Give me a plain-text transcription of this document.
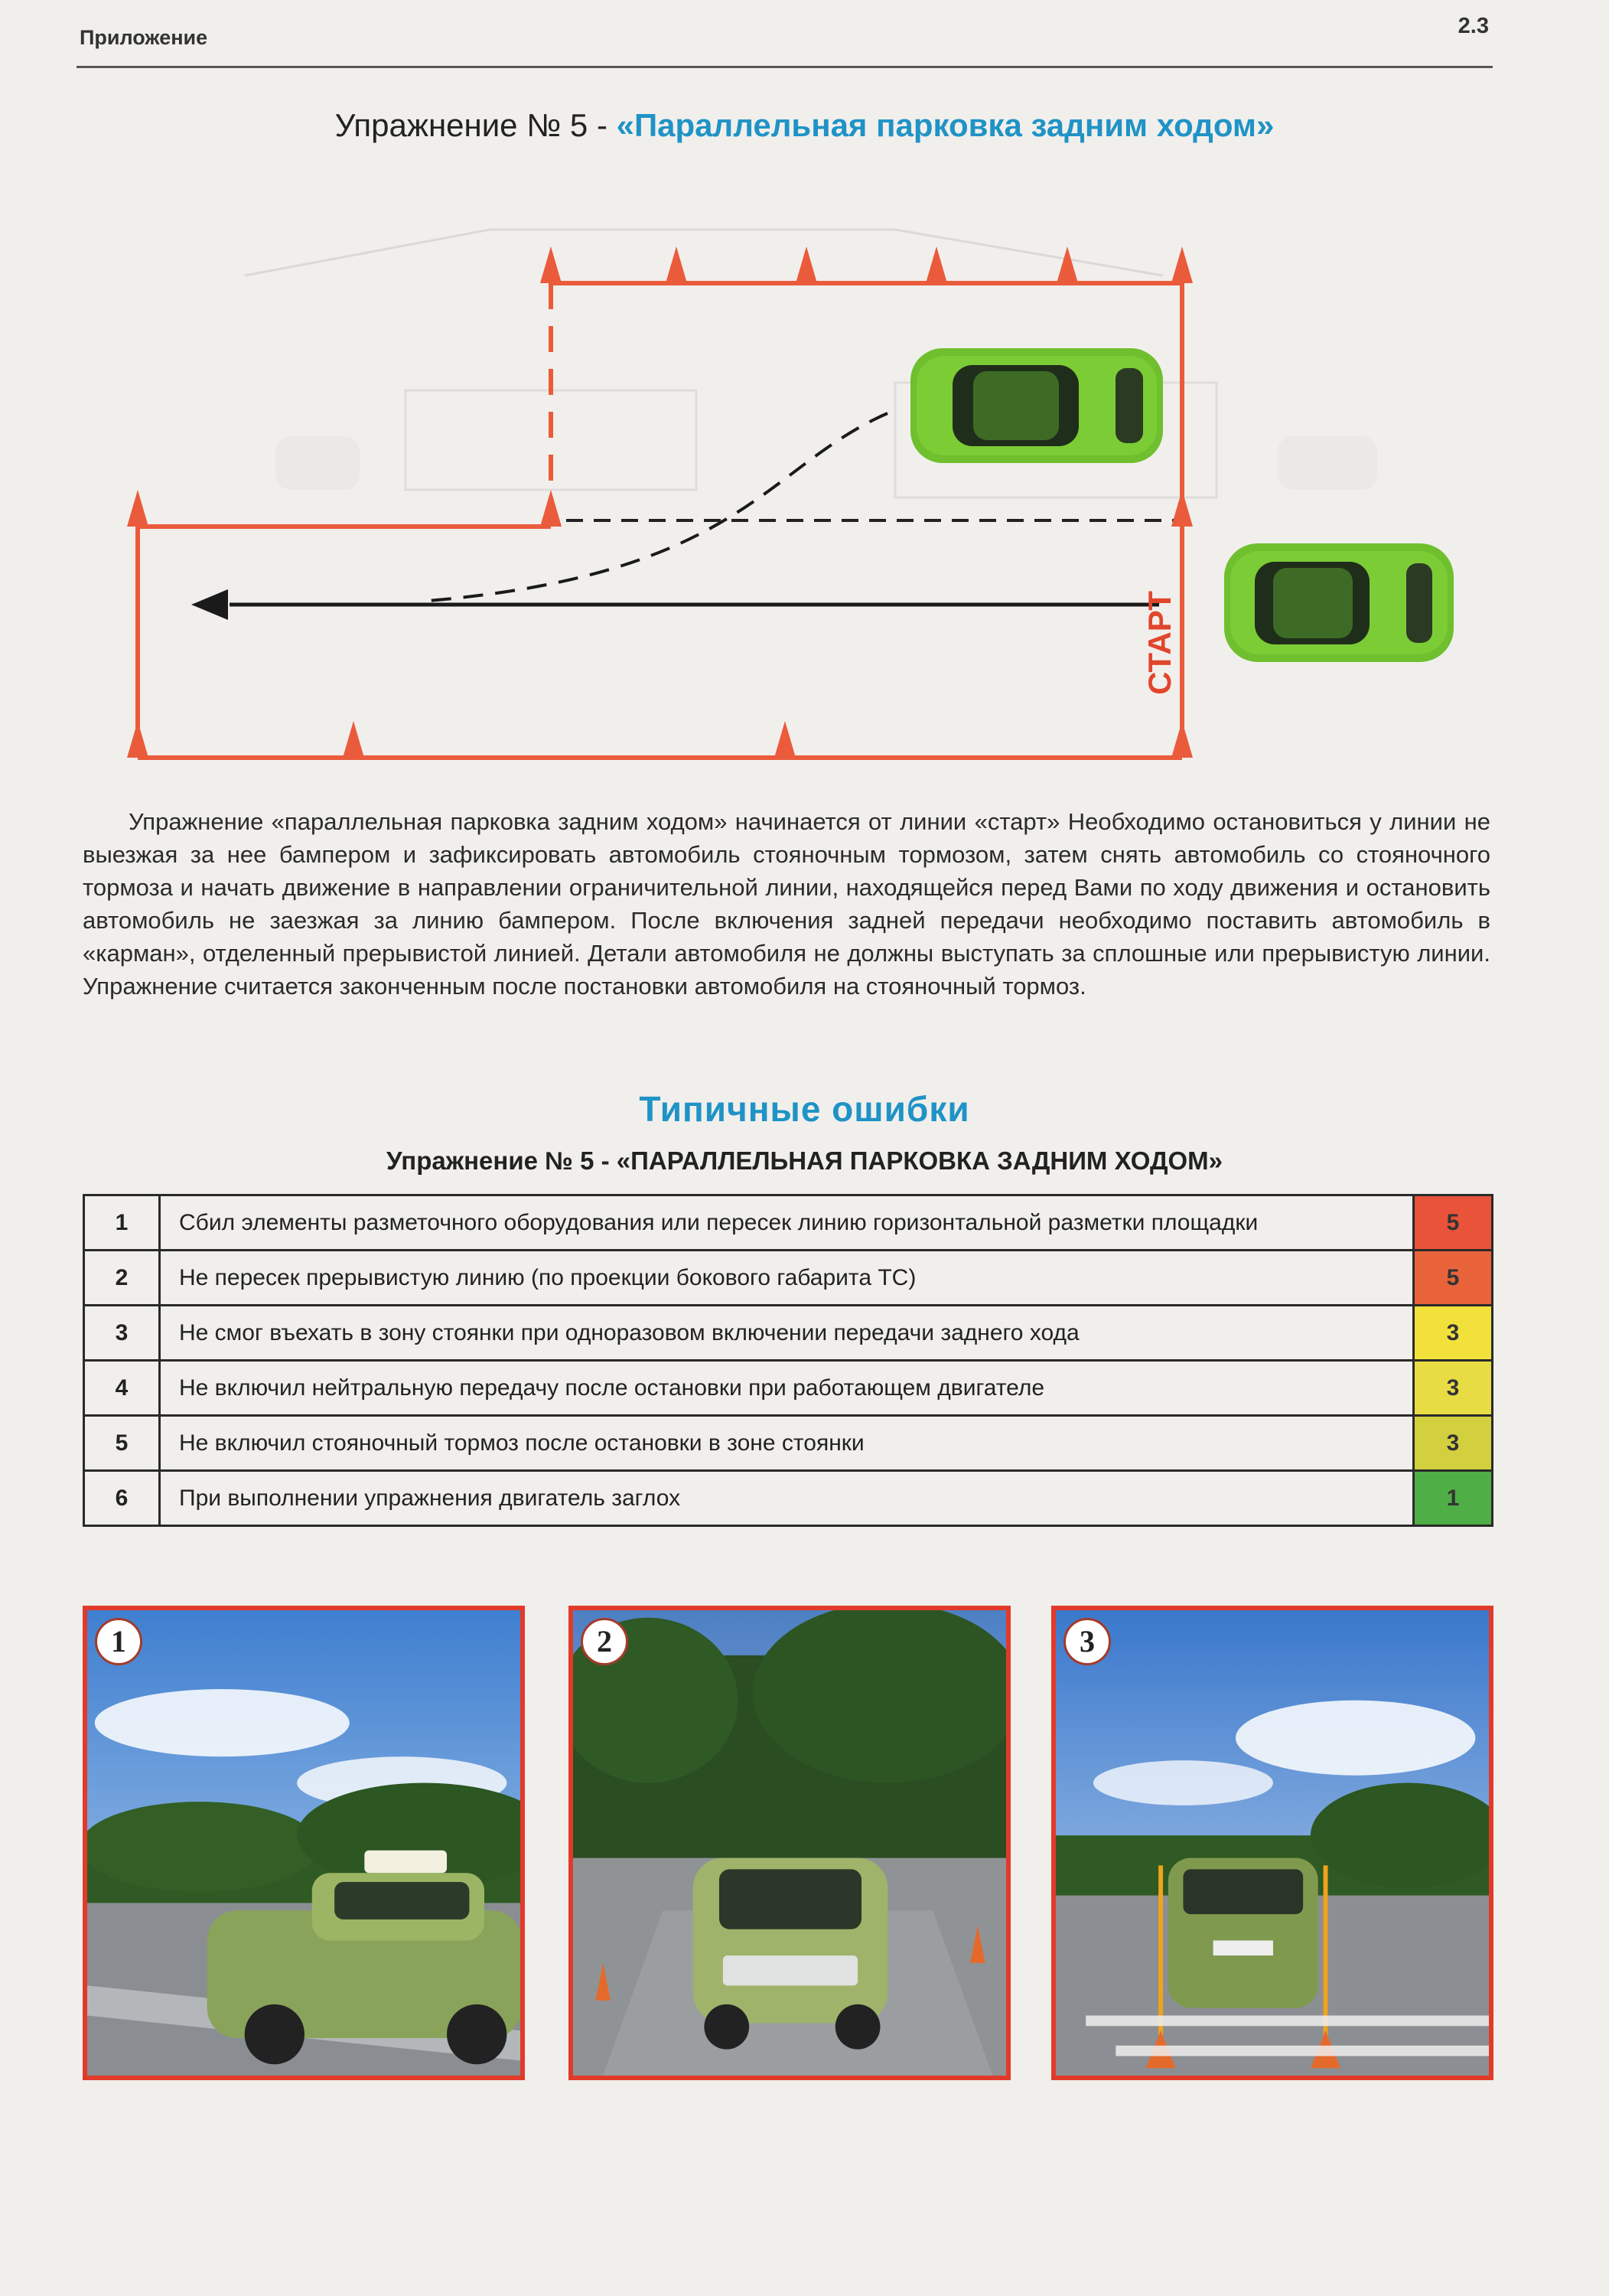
Приложение	2.3
Упражнение № 5 - «Параллельная парковка задним ходом»
СТАРТ
Упражнение «параллельная парковка задним ходом» начинается от линии «старт» Необходимо остановиться у линии не выезжая за нее бампером и зафиксировать автомобиль стояночным тормозом, затем снять автомобиль со стояночного тормоза и начать движение в направлении ограничительной линии, находящейся перед Вами по ходу движения и остановить автомобиль не заезжая за линию бампером. После включения задней передачи необходимо поставить автомобиль в «карман», отделенный прерывистой линией. Детали автомобиля не должны выступать за сплошные или прерывистую линии. Упражнение считается законченным после постановки автомобиля на стояночный тормоз.
Типичные ошибки
Упражнение № 5 - «ПАРАЛЛЕЛЬНАЯ ПАРКОВКА ЗАДНИМ ХОДОМ»
1	Сбил элементы разметочного оборудования или пересек линию горизонтальной разметки площадки	5
2	Не пересек прерывистую линию (по проекции бокового габарита ТС)	5
3	Не смог въехать в зону стоянки при одноразовом включении передачи заднего хода	3
4	Не включил нейтральную передачу после остановки при работающем двигателе	3
5	Не включил стояночный тормоз после остановки в зоне стоянки	3
6	При выполнении упражнения двигатель заглох	1
1	2	3
